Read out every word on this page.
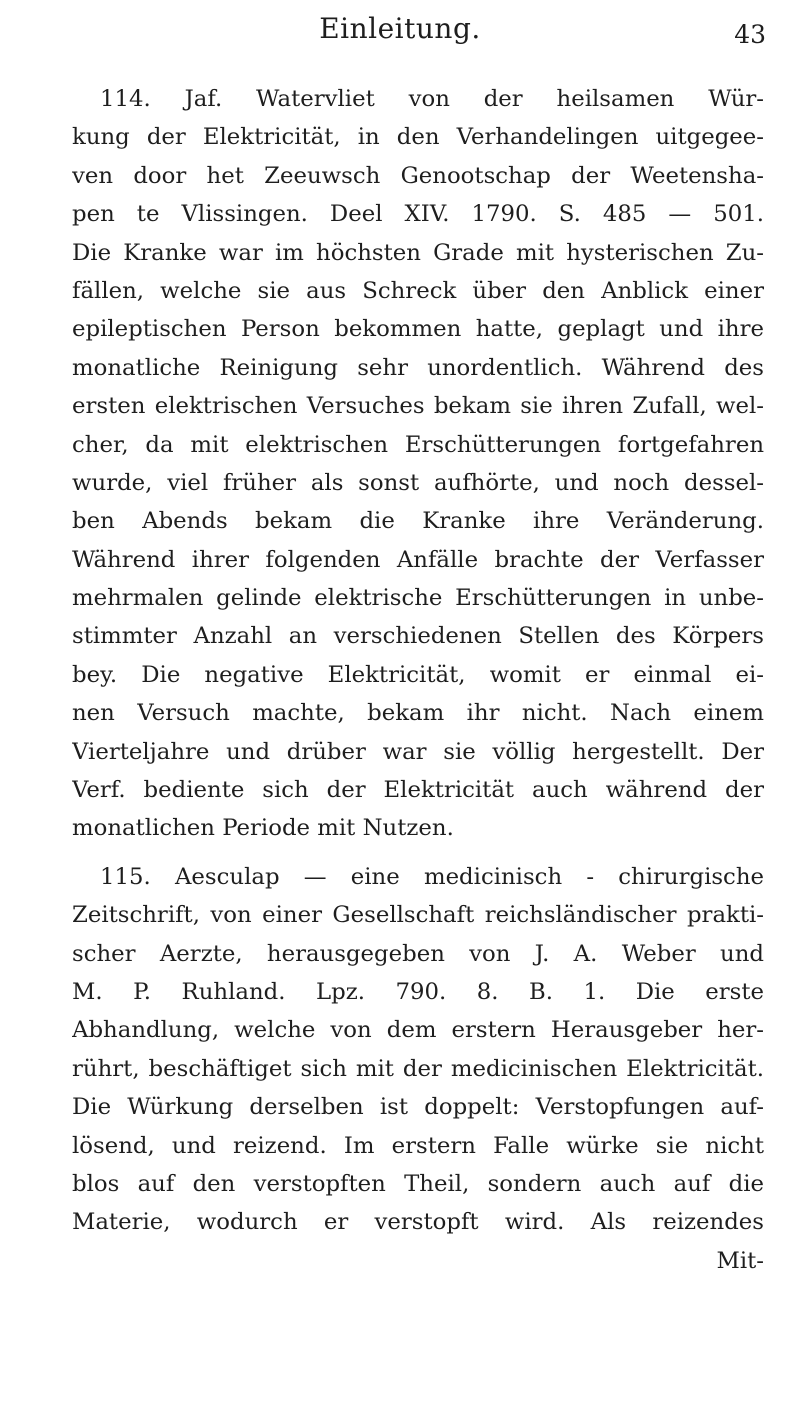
Einleitung.	43
114. Jaf. Watervliet von der heilsamen Wür-
kung der Elektricität, in den Verhandelingen uitgegee-
ven door het Zeeuwsch Genootschap der Weetensha-
pen te Vlissingen. Deel XIV. 1790. S. 485 — 501.
Die Kranke war im höchsten Grade mit hysterischen Zu-
fällen, welche sie aus Schreck über den Anblick einer
epileptischen Person bekommen hatte, geplagt und ihre
monatliche Reinigung sehr unordentlich. Während des
ersten elektrischen Versuches bekam sie ihren Zufall, wel-
cher, da mit elektrischen Erschütterungen fortgefahren
wurde, viel früher als sonst aufhörte, und noch dessel-
ben Abends bekam die Kranke ihre Veränderung.
Während ihrer folgenden Anfälle brachte der Verfasser
mehrmalen gelinde elektrische Erschütterungen in unbe-
stimmter Anzahl an verschiedenen Stellen des Körpers
bey. Die negative Elektricität, womit er einmal ei-
nen Versuch machte, bekam ihr nicht. Nach einem
Vierteljahre und drüber war sie völlig hergestellt. Der
Verf. bediente sich der Elektricität auch während der
monatlichen Periode mit Nutzen.
115. Aesculap — eine medicinisch - chirurgische
Zeitschrift, von einer Gesellschaft reichsländischer prakti-
scher Aerzte, herausgegeben von J. A. Weber und
M. P. Ruhland. Lpz. 790. 8. B. 1. Die erste
Abhandlung, welche von dem erstern Herausgeber her-
rührt, beschäftiget sich mit der medicinischen Elektricität.
Die Würkung derselben ist doppelt: Verstopfungen auf-
lösend, und reizend. Im erstern Falle würke sie nicht
blos auf den verstopften Theil, sondern auch auf die
Materie, wodurch er verstopft wird. Als reizendes
Mit-
